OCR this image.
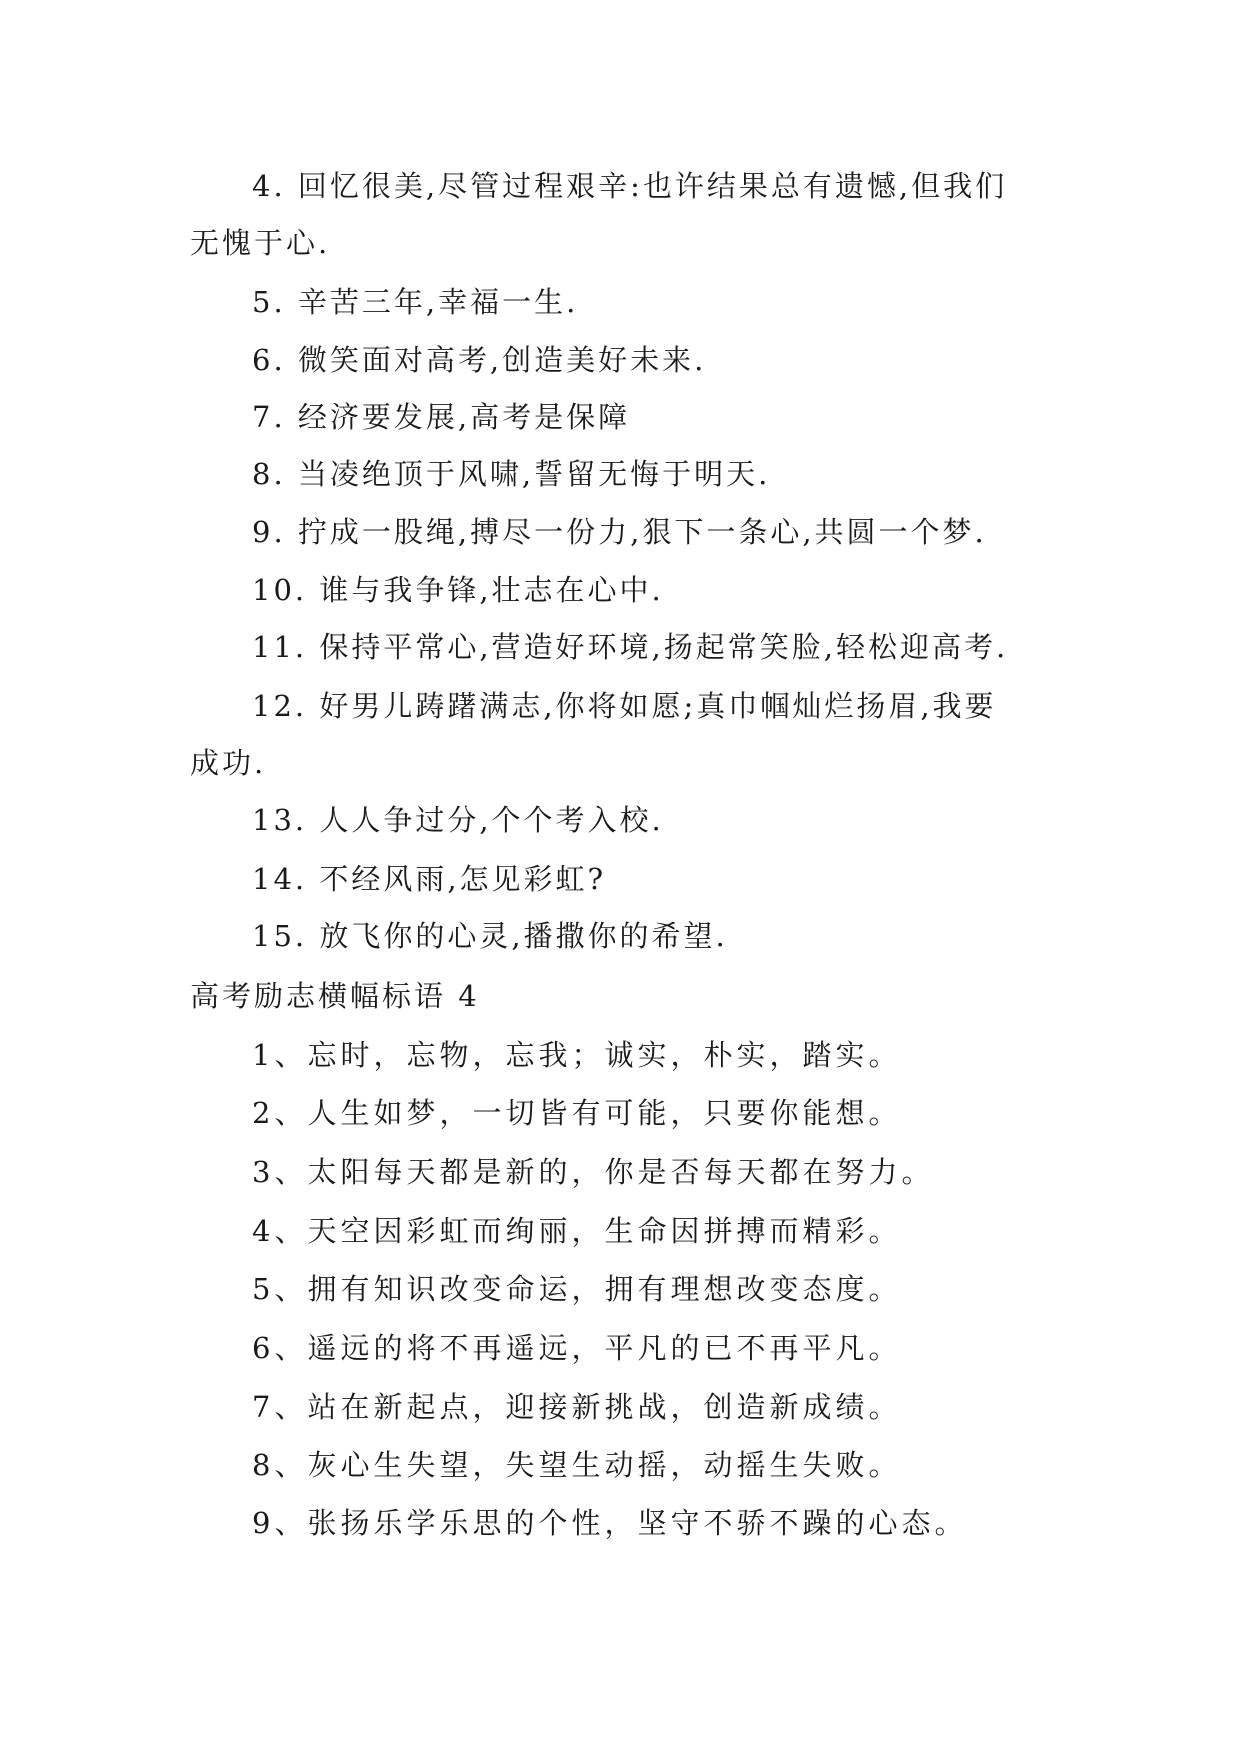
4. 回忆很美,尽管过程艰辛:也许结果总有遗憾,但我们
无愧于心.
5. 辛苦三年,幸福一生.
6. 微笑面对高考,创造美好未来.
7. 经济要发展,高考是保障
8. 当凌绝顶于风啸,誓留无悔于明天.
9. 拧成一股绳,搏尽一份力,狠下一条心,共圆一个梦.
10. 谁与我争锋,壮志在心中.
11. 保持平常心,营造好环境,扬起常笑脸,轻松迎高考.
12. 好男儿踌躇满志,你将如愿;真巾帼灿烂扬眉,我要
成功.
13. 人人争过分,个个考入校.
14. 不经风雨,怎见彩虹?
15. 放飞你的心灵,播撒你的希望.
高考励志横幅标语 4
1、忘时，忘物，忘我；诚实，朴实，踏实。
2、人生如梦，一切皆有可能，只要你能想。
3、太阳每天都是新的，你是否每天都在努力。
4、天空因彩虹而绚丽，生命因拼搏而精彩。
5、拥有知识改变命运，拥有理想改变态度。
6、遥远的将不再遥远，平凡的已不再平凡。
7、站在新起点，迎接新挑战，创造新成绩。
8、灰心生失望，失望生动摇，动摇生失败。
9、张扬乐学乐思的个性，坚守不骄不躁的心态。
